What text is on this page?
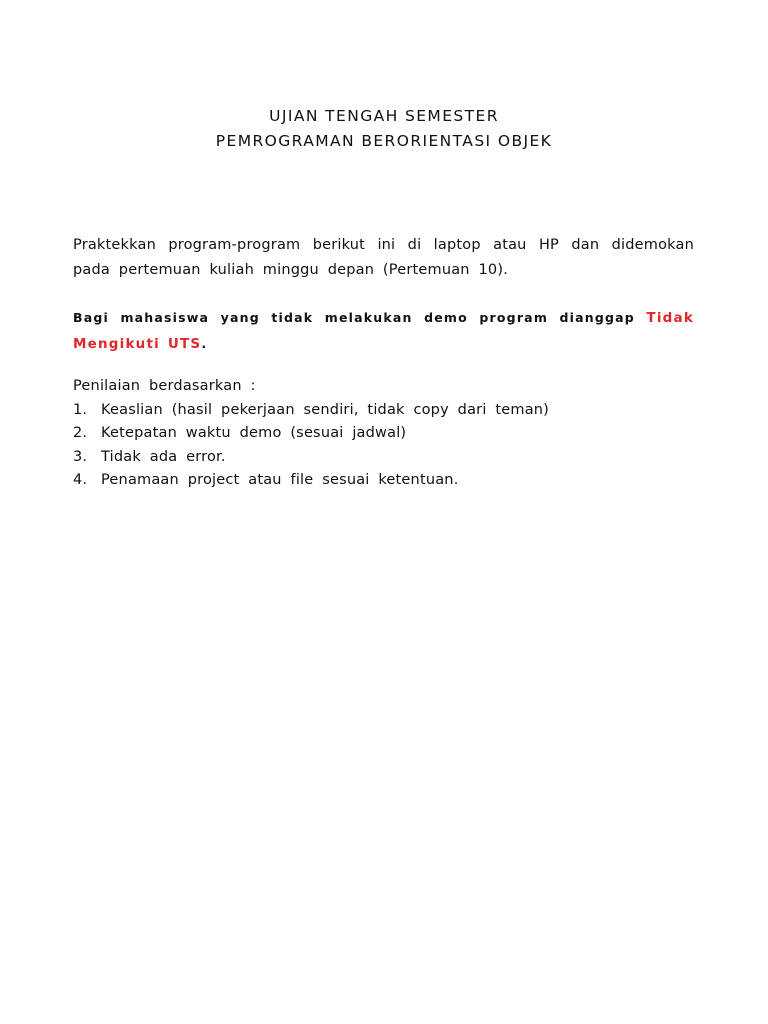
UJIAN TENGAH SEMESTER
PEMROGRAMAN BERORIENTASI OBJEK
Praktekkan program-program berikut ini di laptop atau HP dan didemokan pada pertemuan kuliah minggu depan (Pertemuan 10).
Bagi mahasiswa yang tidak melakukan demo program dianggap Tidak Mengikuti UTS.
Penilaian berdasarkan :
1. Keaslian (hasil pekerjaan sendiri, tidak copy dari teman)
2. Ketepatan waktu demo (sesuai jadwal)
3. Tidak ada error.
4. Penamaan project atau file sesuai ketentuan.
